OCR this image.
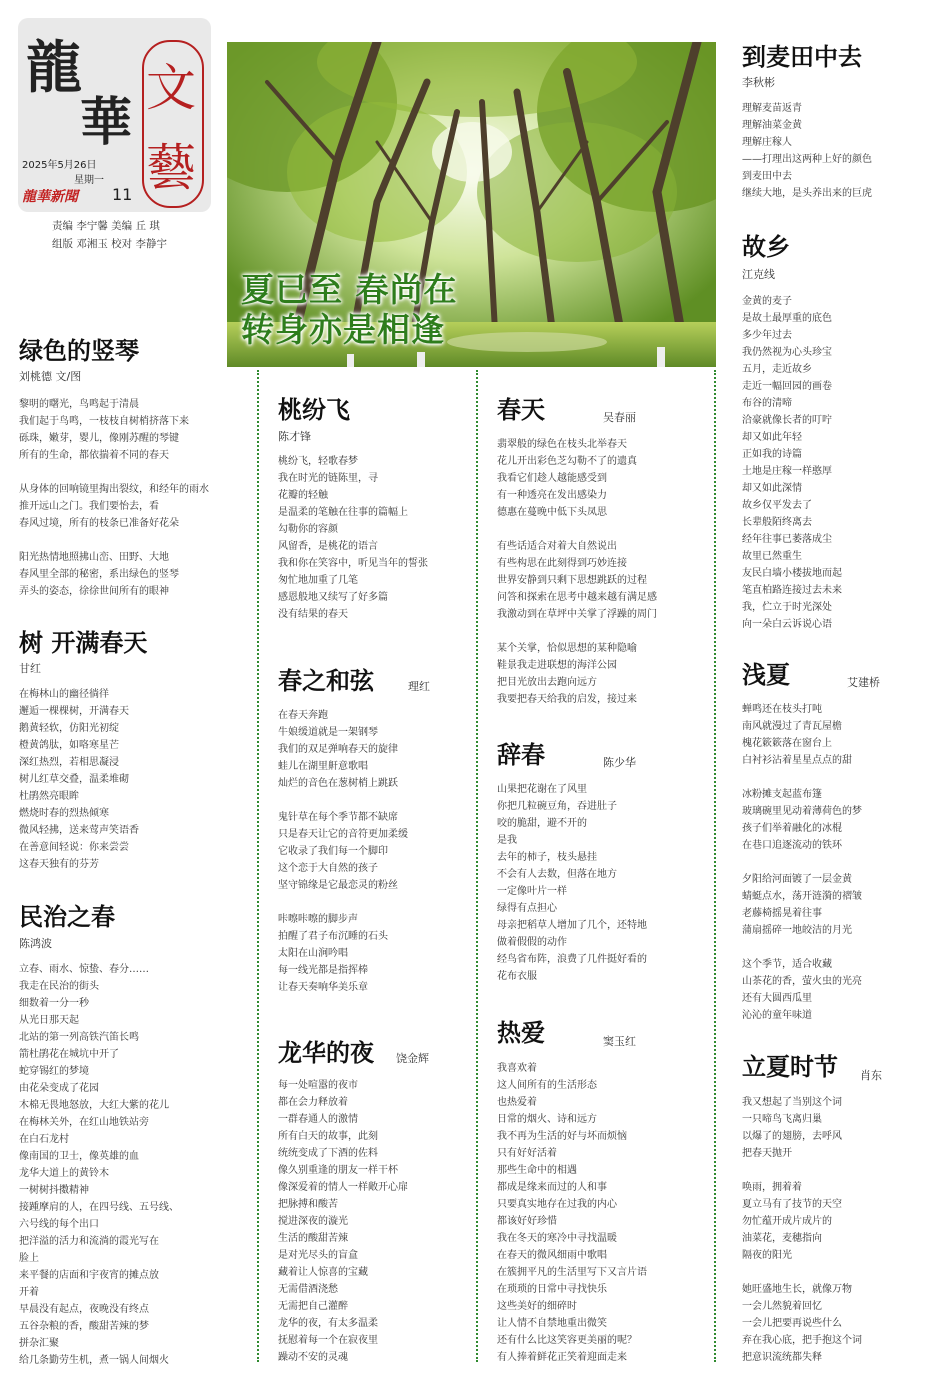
龍
華
文
藝
2025年5月26日
星期一
龍華新聞 11
责编 李宁馨 美编 丘 琪
组版 邓湘玉 校对 李静宇
夏已至 春尚在
转身亦是相逢
绿色的竖琴
刘桃德 文/图
黎明的曙光，鸟鸣起于清晨
我们起于鸟鸣，一枝枝自树梢挤落下来
砾珠，嫩芽，婴儿，像刚苏醒的琴键
所有的生命，都依揣着不同的春天
从身体的回响镜里掏出裂纹，和经年的雨水
推开远山之门。我们要怡去，看
春风过境，所有的枝条已准备好花朵
阳光热情地照拂山峦、田野、大地
春风里全部的秘密，系出绿色的竖琴
弄头的姿态，徐徐世间所有的眼神
树 开满春天
甘红
在梅林山的幽径徜徉
邂逅一棵棵树，开满春天
鹅黄轻软，仿阳光初绽
橙黄鸽肽，如咯寒星芒
深红热烈，若相思凝浸
树儿红草交叠，温柔堆砌
杜鹃然亮眼眸
燃烧时春的烈热倾寒
微风轻拂，送来莺声笑语香
在善意间轻说：你来尝尝
这春天独有的芬芳
民治之春
陈鸿波
立春、雨水、惊蛰、春分……
我走在民治的街头
细数着一分一秒
从光日那天起
北站的第一列高铁汽笛长鸣
箭杜鹃花在城坑中开了
蛇穿锡红的梦境
由花朵变成了花园
木棉无畏地怒放，大红大紫的花儿
在梅林关外，在红山地铁站旁
在白石龙村
像南国的卫士，像英雄的血
龙华大道上的黄铃木
一树树抖擞精神
接踵摩肩的人，在四号线、五号线、
六号线的每个出口
把洋溢的活力和流淌的霞光写在
脸上
来平餐的店面和宇夜宵的摊点放
开着
早晨没有起点，夜晚没有终点
五谷杂粮的香，酸甜苦辣的梦
拼杂汇聚
给几条勤劳生机，煮一锅人间烟火
桃纷飞
陈才锋
桃纷飞，轻歌春梦
我在时光的链陈里，寻
花瓣的轻触
是温柔的笔触在往事的篇幅上
勾勒你的容颜
风留香，是桃花的语言
我和你在笑容中，听见当年的誓张
匆忙地加重了几笔
感恩般地又续写了好多篇
没有结果的春天
春之和弦	理红
在春天奔跑
牛娘缓道就是一架钢琴
我们的双足弹响春天的旋律
蛙儿在湖里鼾意歌唱
灿烂的音色在葱树梢上跳跃
鬼针草在每个季节都不缺席
只是春天让它的音符更加柔缓
它收录了我们每一个脚印
这个恋于大自然的孩子
坚守锦缘是它最恋灵的粉丝
咔嚓咔嚓的脚步声
拍醒了君子布沉睡的石头
太阳在山涧吟唱
每一线光都是指挥棒
让春天奏响华美乐章
龙华的夜 饶金辉
每一处喧嚣的夜市
都在会力释放着
一群春通人的激情
所有白天的故事，此刻
统统变成了下酒的佐料
像久别重逢的朋友一样干杯
像深爱着的情人一样敞开心扉
把脉搏和酸苦
搅进深夜的漩光
生活的酸甜苦辣
是对光尽头的盲盒
藏着让人惊喜的宝藏
无需借酒浇愁
无需把自己灌醉
龙华的夜，有太多温柔
抚慰着每一个在寂夜里
躁动不安的灵魂
春天	吴春丽
翡翠般的绿色在枝头北举春天
花儿开出彩色芝勾勒不了的遗真
我看它们趁人越能感受到
有一种透亮在发出感染力
德惠在蔓晚中低下头凤思
有些话适合对着大自然说出
有些构思在此刻得到巧妙连接
世界安静到只剩下思想跳跃的过程
问答和探索在思考中越来越有满足感
我激动到在草坪中关掌了浮躁的周门
某个关掌，恰似思想的某种隐喻
鞋景我走进联想的海洋公园
把目光放出去跑向远方
我要把春天给我的启发，接过来
辞春	陈少华
山果把花谢在了风里
你把几粒碗豆角，吞进肚子
咬的脆甜，避不开的
是我
去年的柿子，枝头悬挂
不会有人去数，但落在地方
一定像叶片一样
绿得有点担心
母亲把稻草人增加了几个，还特地
做着假假的动作
经鸟省布阵，浪费了几件挺好看的
花布衣服
热爱	窦玉红
我喜欢着
这人间所有的生活形态
也热爱着
日常的烟火、诗和远方
我不再为生活的好与坏而烦恼
只有好好活着
那些生命中的相遇
都成是缘来而过的人和事
只要真实地存在过我的内心
都该好好珍惜
我在冬天的寒冷中寻找温暖
在春天的微风细雨中歌唱
在簇拥平凡的生活里写下又言片语
在琐琐的日常中寻找快乐
这些美好的细碎时
让人情不自禁地重出微笑
还有什么比这笑容更美丽的呢？
有人捧着鲜花正笑着迎面走来
到麦田中去
李秋彬
理解麦苗返青
理解油菜金黄
理解庄稼人
——打理出这两种上好的颜色
到麦田中去
继续大地，是头养出来的巨虎
故乡
江克线
金黄的麦子
是故土最厚重的底色
多少年过去
我仍然视为心头珍宝
五月，走近故乡
走近一幅回园的画卷
布谷的清啼
洽豪就像长者的叮咛
却又如此年轻
正如我的诗篇
土地是庄稼一样憨厚
却又如此深情
故乡仅平发去了
长辈般陌终离去
经年往事已萎落成尘
故里已然重生
友民白墙小楼拔地而起
笔直柏路连接过去未来
我，伫立于时光深处
向一朵白云诉说心语
浅夏	艾建桥
蝉鸣还在枝头打吨
南风就漫过了青瓦屋檐
槐花簌簌落在窗台上
白衬衫沾着星星点点的甜
冰粉摊支起蓝布篷
玻璃碗里见动着薄荷色的梦
孩子们举着融化的冰棍
在巷口追逐流动的铁环
夕阳给河面镀了一层金黄
蜻蜓点水，荡开涟漪的褶皱
老藤椅摇晃着往事
蒲扇摇碎一地皎洁的月光
这个季节，适合收藏
山茶花的香，萤火虫的光亮
还有大圆西瓜里
沁沁的童年味道
立夏时节 肖东
我又想起了当别这个词
一只啼鸟飞离归巢
以爆了的翅膀，去呼风
把春天抛开
唤雨，拥着着
夏立马有了技节的天空
勿忙蕴开成片成片的
油菜花，麦穗指向
隔夜的阳光
她旺盛地生长，就像万物
一会儿然貌着回忆
一会儿把要再说些什么
弃在我心底，把手抱这个词
把意识流统都失释
